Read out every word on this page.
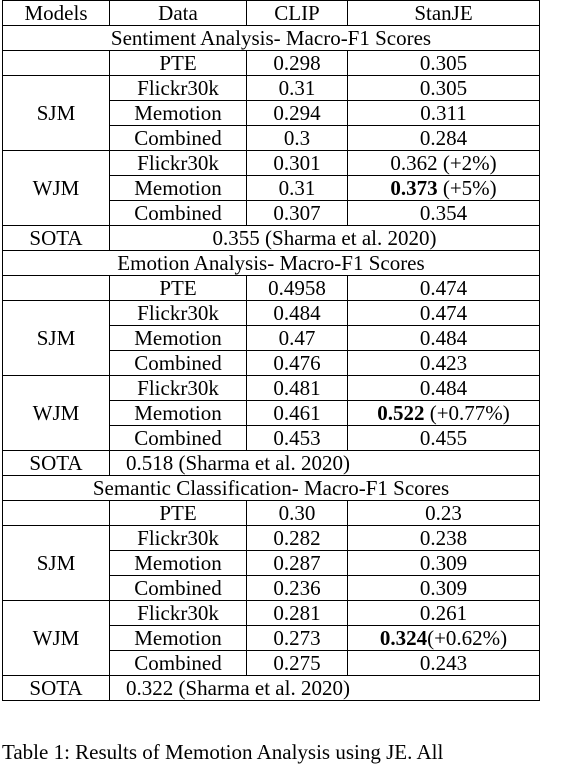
Models	Data	CLIP	StanJE
Sentiment Analysis- Macro-F1 Scores			
	PTE	0.298	0.305
SJM	Flickr30k	0.31	0.305
	Memotion	0.294	0.311
	Combined	0.3	0.284
WJM	Flickr30k	0.301	0.362 (+2%)
	Memotion	0.31	0.373 (+5%)
	Combined	0.307	0.354
SOTA	0.355 (Sharma et al. 2020)		
Emotion Analysis- Macro-F1 Scores			
	PTE	0.4958	0.474
SJM	Flickr30k	0.484	0.474
	Memotion	0.47	0.484
	Combined	0.476	0.423
WJM	Flickr30k	0.481	0.484
	Memotion	0.461	0.522 (+0.77%)
	Combined	0.453	0.455
SOTA	0.518 (Sharma et al. 2020)		
Semantic Classification- Macro-F1 Scores			
	PTE	0.30	0.23
SJM	Flickr30k	0.282	0.238
	Memotion	0.287	0.309
	Combined	0.236	0.309
WJM	Flickr30k	0.281	0.261
	Memotion	0.273	0.324(+0.62%)
	Combined	0.275	0.243
SOTA	0.322 (Sharma et al. 2020)		
Table 1: Results of Memotion Analysis using JE. All
